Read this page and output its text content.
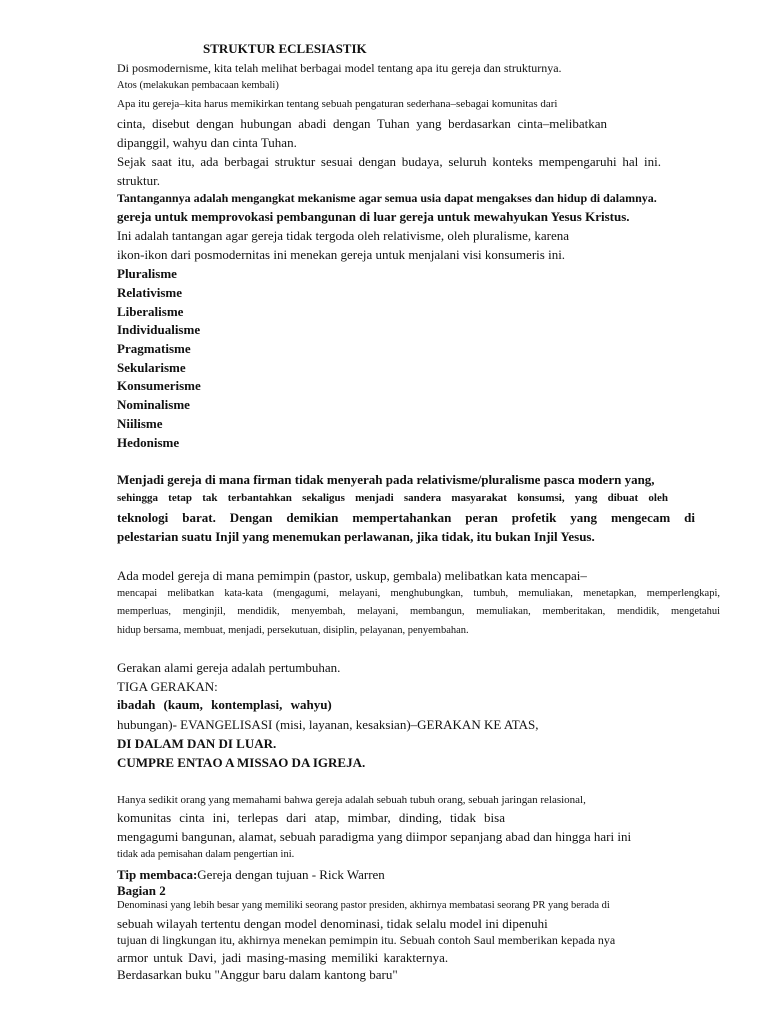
STRUKTUR ECLESIASTIK
Di posmodernisme, kita telah melihat berbagai model tentang apa itu gereja dan strukturnya.
Atos (melakukan pembacaan kembali)
Apa itu gereja–kita harus memikirkan tentang sebuah pengaturan sederhana–sebagai komunitas dari
cinta, disebut dengan hubungan abadi dengan Tuhan yang berdasarkan cinta–melibatkan
dipanggil, wahyu dan cinta Tuhan.
Sejak saat itu, ada berbagai struktur sesuai dengan budaya, seluruh konteks mempengaruhi hal ini.
struktur.
Tantangannya adalah mengangkat mekanisme agar semua usia dapat mengakses dan hidup di dalamnya.
gereja untuk memprovokasi pembangunan di luar gereja untuk mewahyukan Yesus Kristus.
Ini adalah tantangan agar gereja tidak tergoda oleh relativisme, oleh pluralisme, karena
ikon-ikon dari posmodernitas ini menekan gereja untuk menjalani visi konsumeris ini.
Pluralisme
Relativisme
Liberalisme
Individualisme
Pragmatisme
Sekularisme
Konsumerisme
Nominalisme
Niilisme
Hedonisme
Menjadi gereja di mana firman tidak menyerah pada relativisme/pluralisme pasca modern yang,
sehingga tetap tak terbantahkan sekaligus menjadi sandera masyarakat konsumsi, yang dibuat oleh
teknologi barat. Dengan demikian mempertahankan peran profetik yang mengecam di
pelestarian suatu Injil yang menemukan perlawanan, jika tidak, itu bukan Injil Yesus.
Ada model gereja di mana pemimpin (pastor, uskup, gembala) melibatkan kata mencapai–
mencapai melibatkan kata-kata (mengagumi, melayani, menghubungkan, tumbuh, memuliakan, menetapkan, memperlengkapi,
memperluas, menginjil, mendidik, menyembah, melayani, membangun, memuliakan, memberitakan, mendidik, mengetahui
hidup bersama, membuat, menjadi, persekutuan, disiplin, pelayanan, penyembahan.
Gerakan alami gereja adalah pertumbuhan.
TIGA GERAKAN:
ibadah (kaum, kontemplasi, wahyu)
hubungan)- EVANGELISASI (misi, layanan, kesaksian)–GERAKAN KE ATAS,
DI DALAM DAN DI LUAR.
CUMPRE ENTAO A MISSAO DA IGREJA.
Hanya sedikit orang yang memahami bahwa gereja adalah sebuah tubuh orang, sebuah jaringan relasional,
komunitas cinta ini, terlepas dari atap, mimbar, dinding, tidak bisa
mengagumi bangunan, alamat, sebuah paradigma yang diimpor sepanjang abad dan hingga hari ini
tidak ada pemisahan dalam pengertian ini.
Tip membaca:Gereja dengan tujuan - Rick Warren
Bagian 2
Denominasi yang lebih besar yang memiliki seorang pastor presiden, akhirnya membatasi seorang PR yang berada di
sebuah wilayah tertentu dengan model denominasi, tidak selalu model ini dipenuhi
tujuan di lingkungan itu, akhirnya menekan pemimpin itu. Sebuah contoh Saul memberikan kepada nya
armor untuk Davi, jadi masing-masing memiliki karakternya.
Berdasarkan buku "Anggur baru dalam kantong baru"
